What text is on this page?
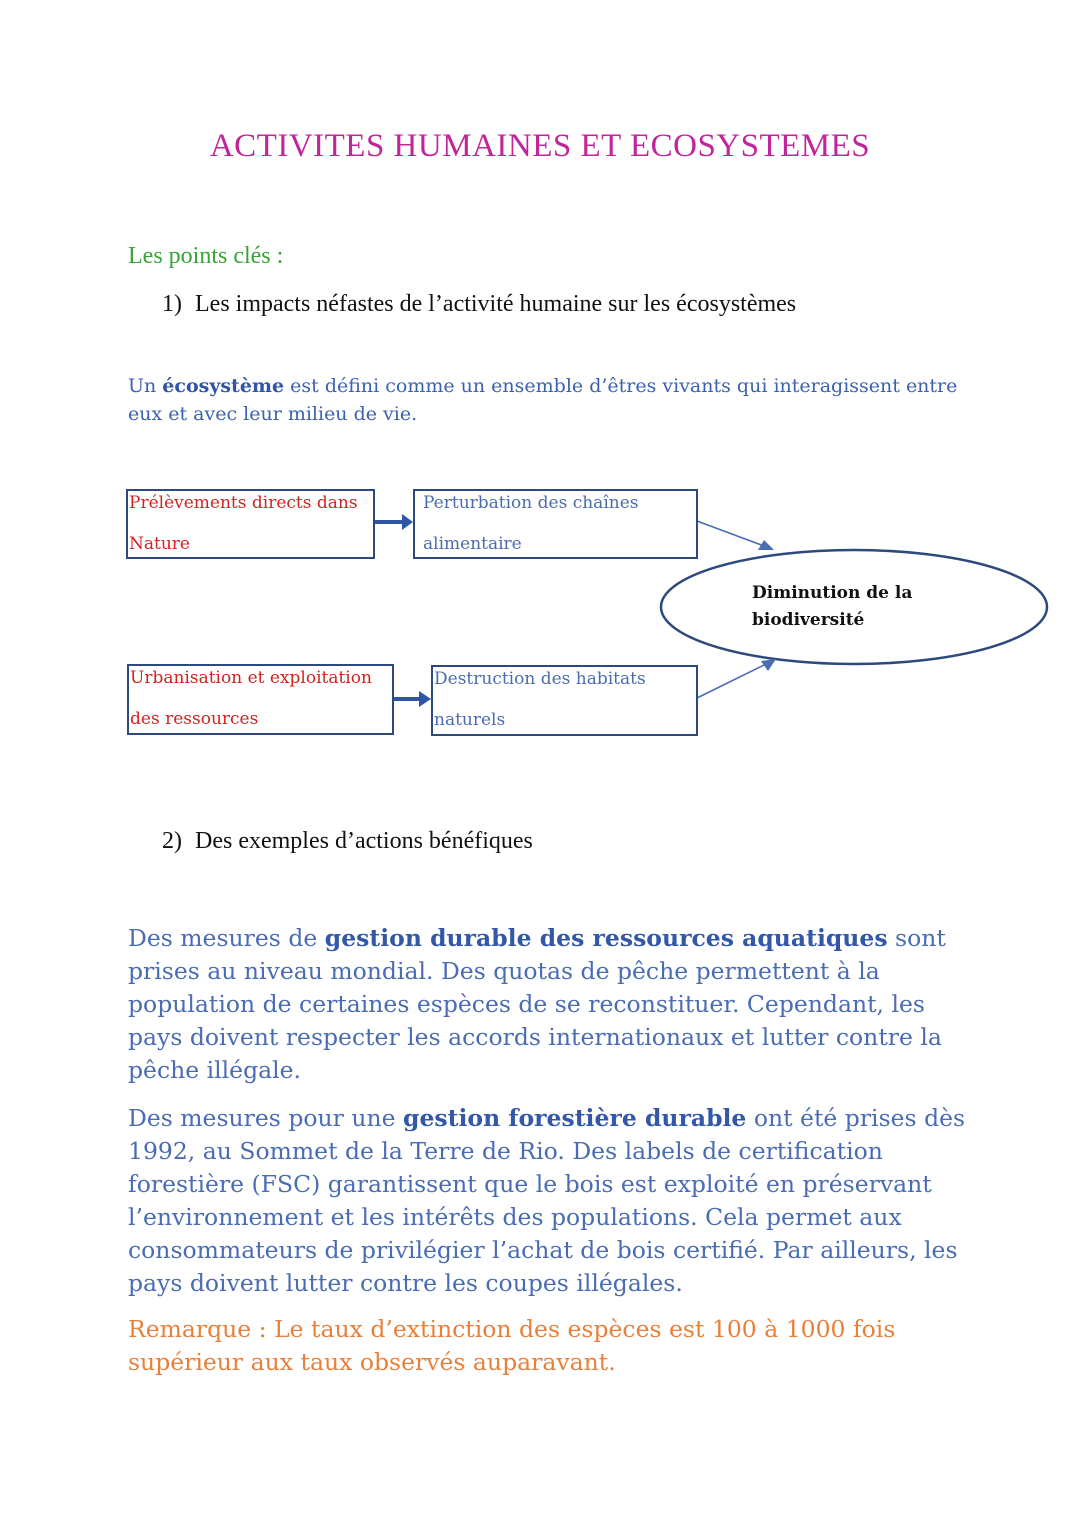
ACTIVITES HUMAINES ET ECOSYSTEMES
Les points clés :
1) Les impacts néfastes de l’activité humaine sur les écosystèmes
Un écosystème est défini comme un ensemble d’êtres vivants qui interagissent entre eux et avec leur milieu de vie.
Prélèvements directs dans
Nature
Perturbation des chaînes
alimentaire
Urbanisation et exploitation
des ressources
Destruction des habitats
naturels
Diminution de la
biodiversité
2) Des exemples d’actions bénéfiques
Des mesures de gestion durable des ressources aquatiques sont prises au niveau mondial. Des quotas de pêche permettent à la population de certaines espèces de se reconstituer. Cependant, les pays doivent respecter les accords internationaux et lutter contre la pêche illégale.
Des mesures pour une gestion forestière durable ont été prises dès 1992, au Sommet de la Terre de Rio. Des labels de certification forestière (FSC) garantissent que le bois est exploité en préservant l’environnement et les intérêts des populations. Cela permet aux consommateurs de privilégier l’achat de bois certifié. Par ailleurs, les pays doivent lutter contre les coupes illégales.
Remarque : Le taux d’extinction des espèces est 100 à 1000 fois supérieur aux taux observés auparavant.
